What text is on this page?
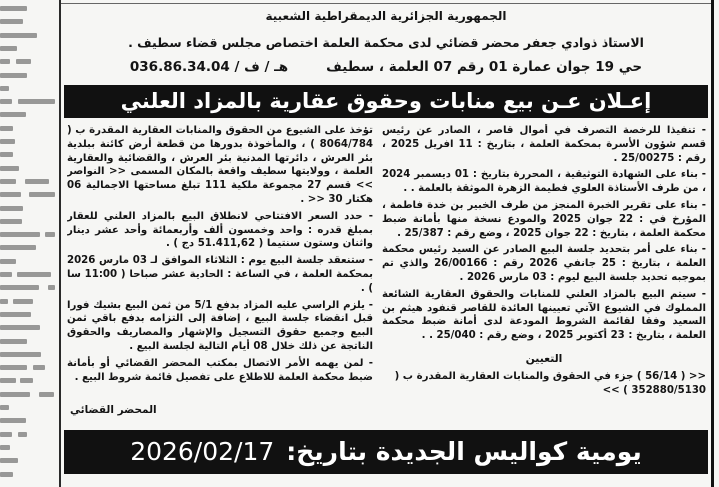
الجمهورية الجزائرية الديمقراطية الشعبية
الاستاذ ذوادي جعفر محضر قضائي لدى محكمة العلمة اختصاص مجلس قضاء سطيف .
حي 19 جوان عمارة 01 رقم 07 العلمة ، سطيفهـ / ف / 036.86.34.04
إعـلان عـن بيع منابات وحقوق عقارية بالمزاد العلني

- تنفيذا للرخصة التصرف في أموال قاصر ، الصادر عن رئيس قسم شؤون الأسرة بمحكمة العلمة ، بتاريخ : 11 افريل 2025 ، رقم : 25/00275 .

- بناء على الشهادة التوثيقية ، المحررة بتاريخ : 01 ديسمبر 2024 ، من طرف الأستاذة العلوي فطيمة الزهرة الموثقة بالعلمة . .

- بناء على تقرير الخبرة المنجز من طرف الخبير بن خدة فاطمة ، المؤرخ في : 22 جوان 2025 والمودع نسخة منها بأمانة ضبط محكمة العلمة ، بتاريخ : 22 جوان 2025 ، وضع رقم : 25/387 .

- بناء على أمر بتحديد جلسة البيع الصادر عن السيد رئيس محكمة العلمة ، بتاريخ : 25 جانفي 2026 رقم : 26/00166 والذي تم بموجبه تحديد جلسة البيع ليوم : 03 مارس 2026 .

- سيتم البيع بالمزاد العلني للمنابات والحقوق العقارية الشائعة المملوك في الشيوع الآتي تعيينها العائدة للقاصر قنفود هيثم بن السعيد وفقا لقائمة الشروط المودعة لدى أمانة ضبط محكمة العلمة ، بتاريخ : 23 أكتوبر 2025 ، وضع رقم : 25/040 . .

التعيين
<< ( 56/14 ) جزء في الحقوق والمنابات العقارية المقدرة ب ( 352880/5130 ) >>

تؤخذ على الشيوع من الحقوق والمنابات العقارية المقدرة ب ( 8064/784 ) ، والمأخوذة بدورها من قطعة أرض كائنة ببلدية بئر العرش ، دائرتها المدنية بئر العرش ، والقضائية والعقارية العلمة ، وولايتها سطيف واقعة بالمكان المسمى << النواصر >> قسم 27 مجموعة ملكية 111 تبلغ مساحتها الاجمالية 06 هكتار 30 << .

- حدد السعر الافتتاحي لانطلاق البيع بالمزاد العلني للعقار بمبلغ قدره : واحد وخمسون ألف وأربعمائة وأحد عشر دينار واثنان وستون سنتيما ( 51.411,62 دج ) .

- ستنعقد جلسة البيع يوم : الثلاثاء الموافق لـ 03 مارس 2026 بمحكمة العلمة ، في الساعة : الحادية عشر صباحا ( 11:00 سا ) .

- يلزم الراسي عليه المزاد بدفع 5/1 من ثمن البيع بشيك فورا قبل انقضاء جلسة البيع ، إضافة إلى التزامه بدفع باقي ثمن البيع وجميع حقوق التسجيل والإشهار والمصاريف والحقوق الناتجة عن ذلك خلال 08 أيام التالية لجلسة البيع .

- لمن يهمه الأمر الاتصال بمكتب المحضر القضائي أو بأمانة ضبط محكمة العلمة للاطلاع على تفصيل قائمة شروط البيع .

المحضر القضائي
يومية كواليس الجديدة بتاريخ:2026/02/17
